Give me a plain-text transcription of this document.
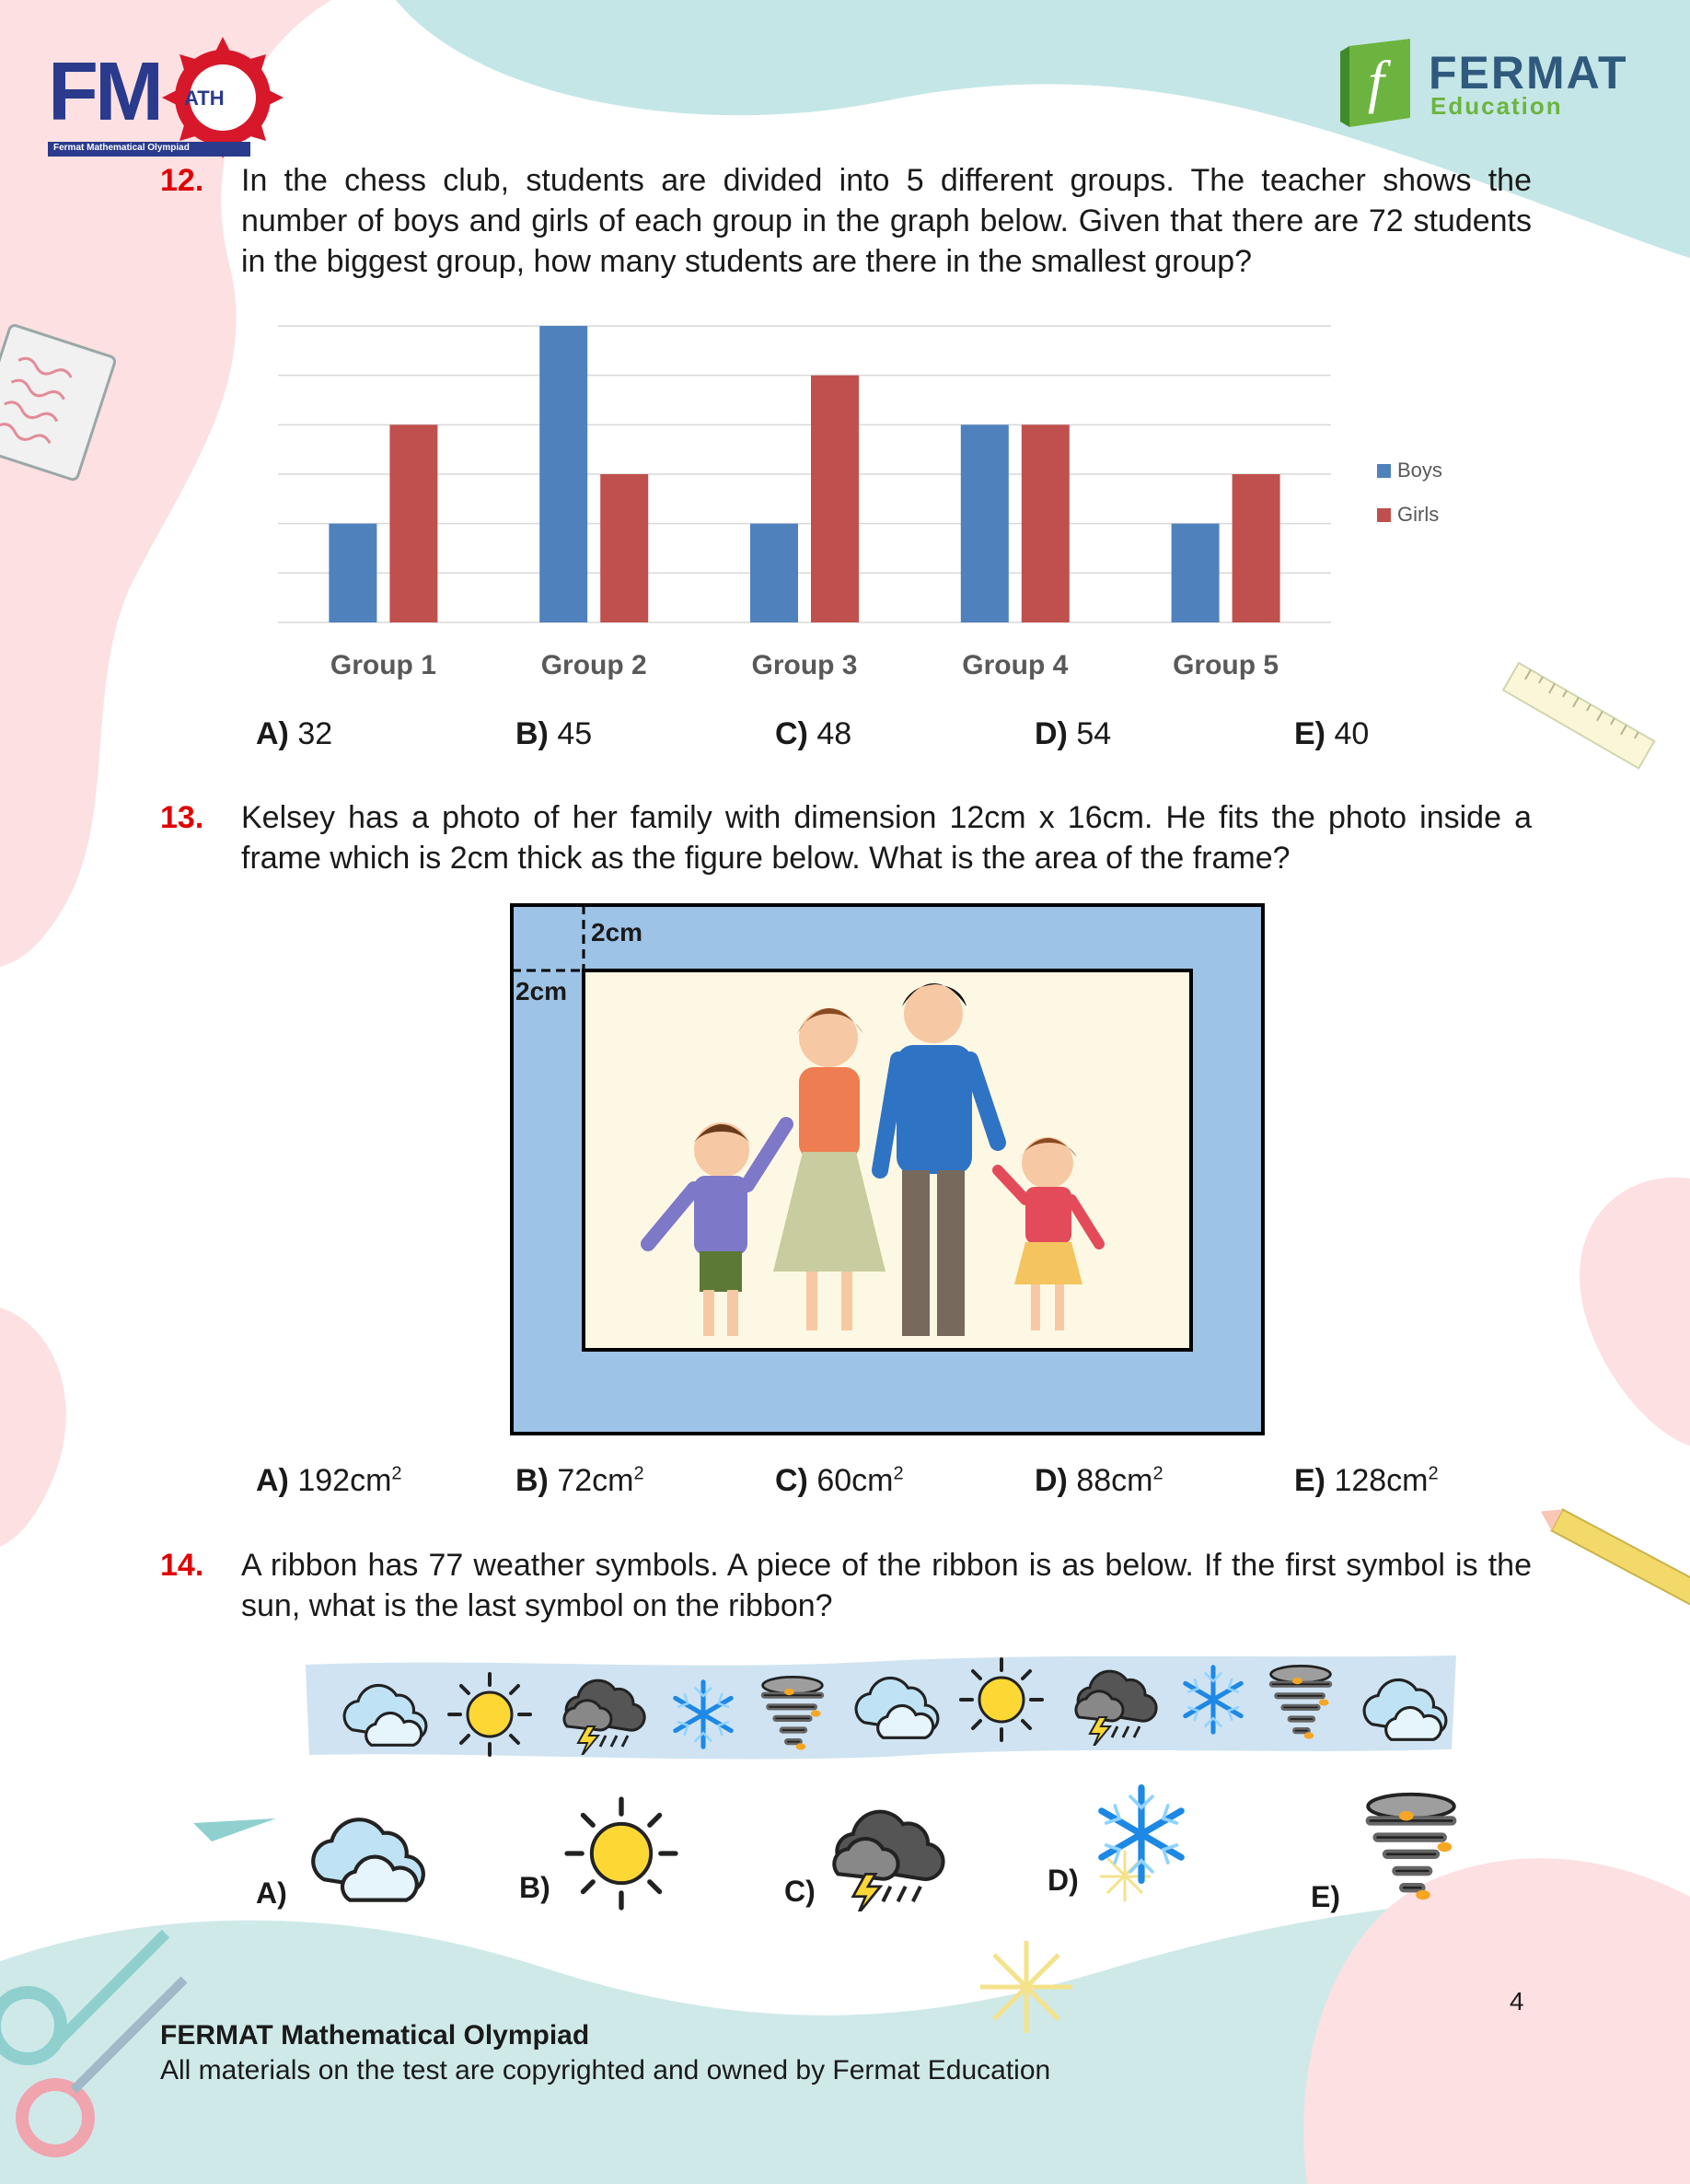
FM ATH
Fermat Mathematical Olympiad
f FERMAT
Education
12. In the chess club, students are divided into 5 different groups. The teacher shows the number of boys and girls of each group in the graph below. Given that there are 72 students in the biggest group, how many students are there in the smallest group?
Group 1	Group 2	Group 3	Group 4	Group 5
Boys
Girls
A) 32	B) 45	C) 48	D) 54	E) 40
13. Kelsey has a photo of her family with dimension 12cm x 16cm. He fits the photo inside a frame which is 2cm thick as the figure below. What is the area of the frame?
2cm
2cm
A) $192cm^2$	B) $72cm^2$	C) $60cm^2$	D) $88cm^2$	E) $128cm^2$
14. A ribbon has 77 weather symbols. A piece of the ribbon is as below. If the first symbol is the sun, what is the last symbol on the ribbon?
A)	B)	C)	D)	E)
4
FERMAT Mathematical Olympiad
All materials on the test are copyrighted and owned by Fermat Education
